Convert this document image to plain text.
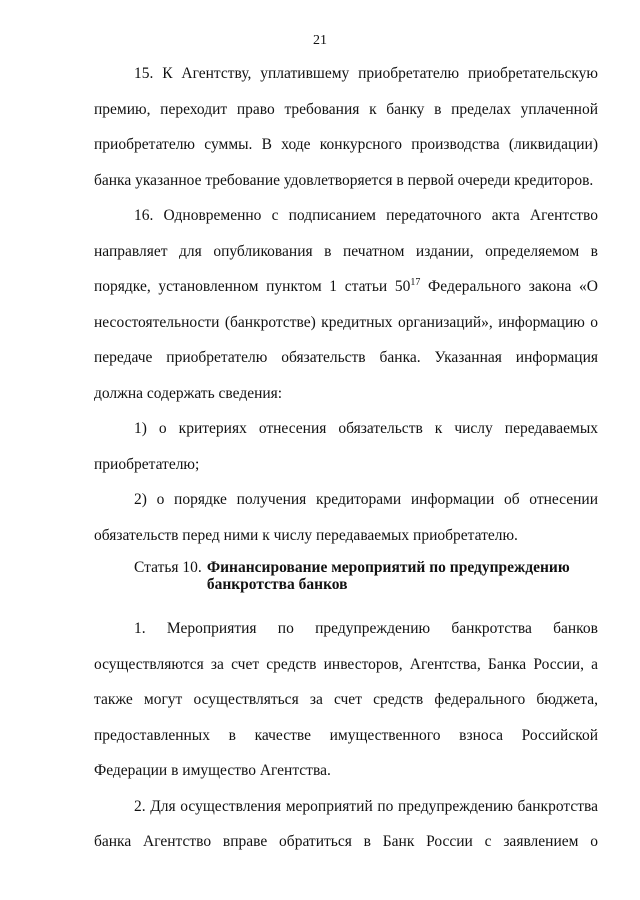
21

15. К Агентству, уплатившему приобретателю приобретательскую премию, переходит право требования к банку в пределах уплаченной приобретателю суммы. В ходе конкурсного производства (ликвидации) банка указанное требование удовлетворяется в первой очереди кредиторов.

16. Одновременно с подписанием передаточного акта Агентство направляет для опубликования в печатном издании, определяемом в порядке, установленном пунктом 1 статьи $50^{17}$ Федерального закона «О несостоятельности (банкротстве) кредитных организаций», информацию о передаче приобретателю обязательств банка. Указанная информация должна содержать сведения:

1) о критериях отнесения обязательств к числу передаваемых приобретателю;

2) о порядке получения кредиторами информации об отнесении обязательств перед ними к числу передаваемых приобретателю.

Статья 10. Финансирование мероприятий по предупреждению банкротства банков

1. Мероприятия по предупреждению банкротства банков осуществляются за счет средств инвесторов, Агентства, Банка России, а также могут осуществляться за счет средств федерального бюджета, предоставленных в качестве имущественного взноса Российской Федерации в имущество Агентства.

2. Для осуществления мероприятий по предупреждению банкротства банка Агентство вправе обратиться в Банк России с заявлением о
